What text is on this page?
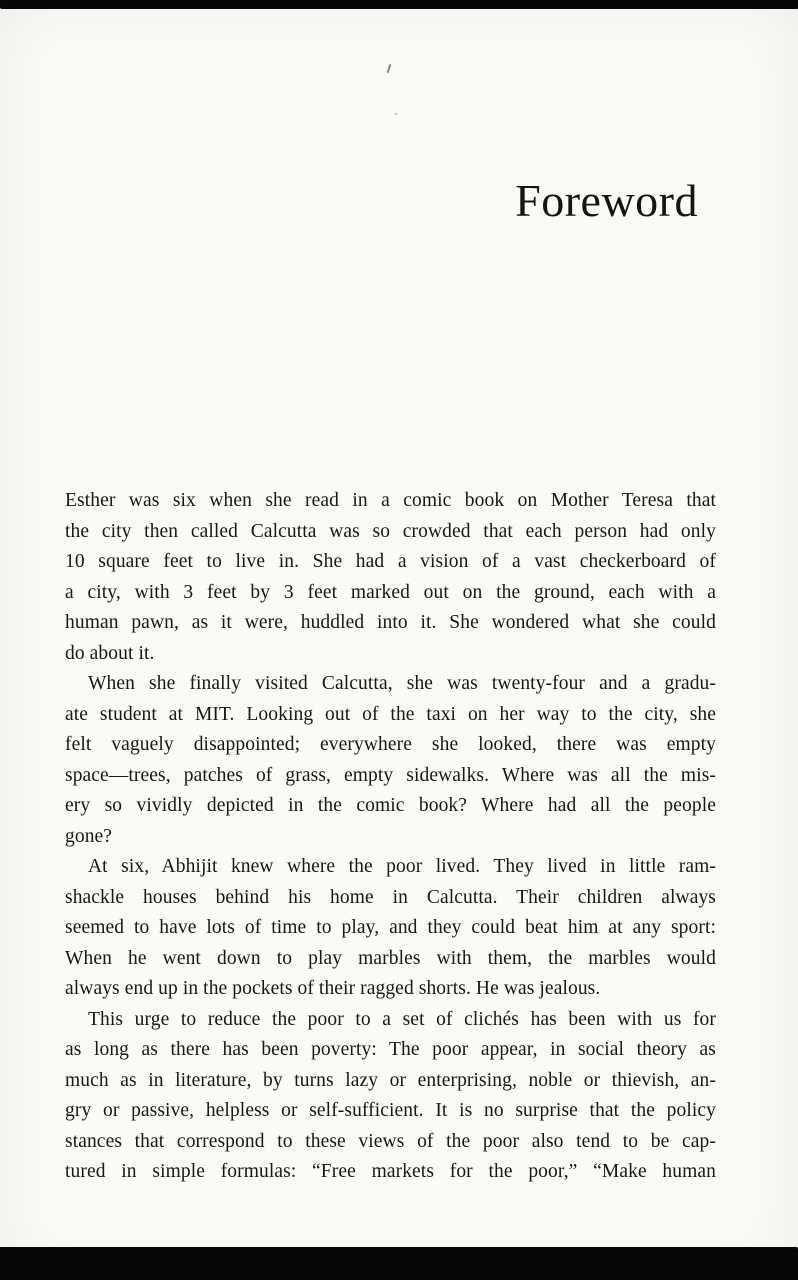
Foreword
Esther was six when she read in a comic book on Mother Teresa that
the city then called Calcutta was so crowded that each person had only
10 square feet to live in. She had a vision of a vast checkerboard of
a city, with 3 feet by 3 feet marked out on the ground, each with a
human pawn, as it were, huddled into it. She wondered what she could
do about it.
When she finally visited Calcutta, she was twenty-four and a gradu-
ate student at MIT. Looking out of the taxi on her way to the city, she
felt vaguely disappointed; everywhere she looked, there was empty
space—trees, patches of grass, empty sidewalks. Where was all the mis-
ery so vividly depicted in the comic book? Where had all the people
gone?
At six, Abhijit knew where the poor lived. They lived in little ram-
shackle houses behind his home in Calcutta. Their children always
seemed to have lots of time to play, and they could beat him at any sport:
When he went down to play marbles with them, the marbles would
always end up in the pockets of their ragged shorts. He was jealous.
This urge to reduce the poor to a set of clichés has been with us for
as long as there has been poverty: The poor appear, in social theory as
much as in literature, by turns lazy or enterprising, noble or thievish, an-
gry or passive, helpless or self-sufficient. It is no surprise that the policy
stances that correspond to these views of the poor also tend to be cap-
tured in simple formulas: “Free markets for the poor,” “Make human
